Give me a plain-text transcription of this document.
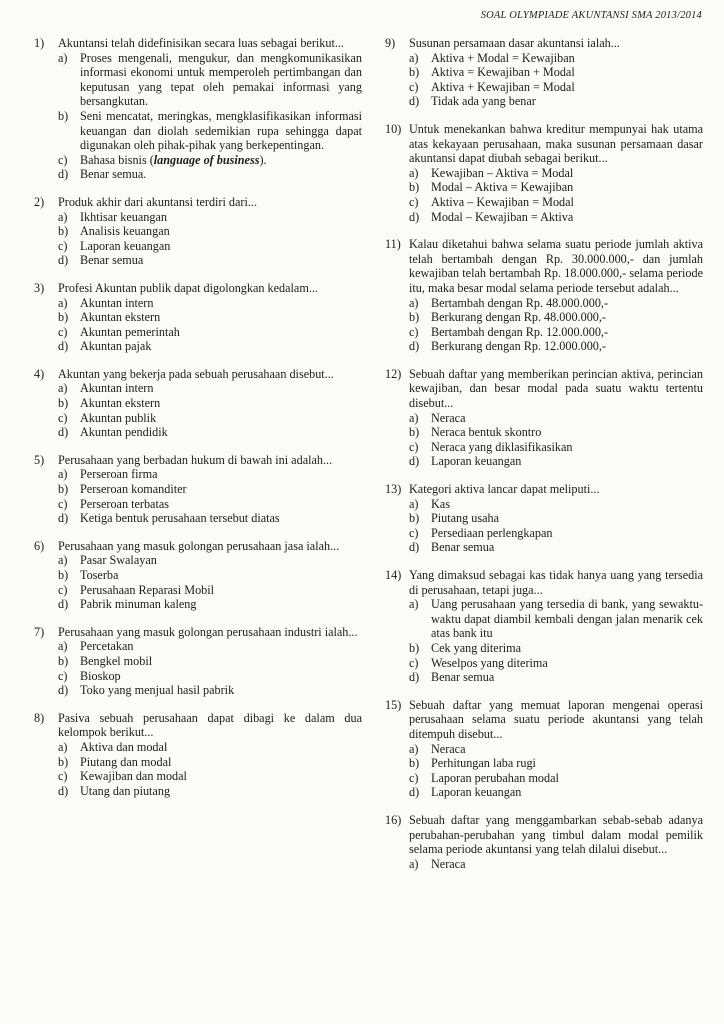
SOAL OLYMPIADE AKUNTANSI SMA 2013/2014
1)	Akuntansi telah didefinisikan secara luas sebagai berikut...
a)	Proses mengenali, mengukur, dan mengkomunikasikan informasi ekonomi untuk memperoleh pertimbangan dan keputusan yang tepat oleh pemakai informasi yang bersangkutan.
b) Seni mencatat, meringkas, mengklasifikasikan informasi keuangan dan diolah sedemikian rupa sehingga dapat digunakan oleh pihak-pihak yang berkepentingan.
c)	Bahasa bisnis (language of business).
d) Benar semua.
2)	Produk akhir dari akuntansi terdiri dari...
a)	Ikhtisar keuangan
b) Analisis keuangan
c)	Laporan keuangan
d) Benar semua
3)	Profesi Akuntan publik dapat digolongkan kedalam...
a)	Akuntan intern
b) Akuntan ekstern
c)	Akuntan pemerintah
d) Akuntan pajak
4)	Akuntan yang bekerja pada sebuah perusahaan disebut...
a)	Akuntan intern
b) Akuntan ekstern
c)	Akuntan publik
d) Akuntan pendidik
5)	Perusahaan yang berbadan hukum di bawah ini adalah...
a)	Perseroan firma
b) Perseroan komanditer
c)	Perseroan terbatas
d) Ketiga bentuk perusahaan tersebut diatas
6)	Perusahaan yang masuk golongan perusahaan jasa ialah...
a)	Pasar Swalayan
b) Toserba
c)	Perusahaan Reparasi Mobil
d) Pabrik minuman kaleng
7)	Perusahaan yang masuk golongan perusahaan industri ialah...
a)	Percetakan
b) Bengkel mobil
c)	Bioskop
d) Toko yang menjual hasil pabrik
8)	Pasiva sebuah perusahaan dapat dibagi ke dalam dua kelompok berikut...
a)	Aktiva dan modal
b) Piutang dan modal
c)	Kewajiban dan modal
d) Utang dan piutang
9)	Susunan persamaan dasar akuntansi ialah...
a)	Aktiva + Modal = Kewajiban
b) Aktiva = Kewajiban + Modal
c)	Aktiva + Kewajiban = Modal
d) Tidak ada yang benar
10) Untuk menekankan bahwa kreditur mempunyai hak utama atas kekayaan perusahaan, maka susunan persamaan dasar akuntansi dapat diubah sebagai berikut...
a)	Kewajiban – Aktiva = Modal
b) Modal – Aktiva = Kewajiban
c)	Aktiva – Kewajiban = Modal
d) Modal – Kewajiban = Aktiva
11) Kalau diketahui bahwa selama suatu periode jumlah aktiva telah bertambah dengan Rp. 30.000.000,- dan jumlah kewajiban telah bertambah Rp. 18.000.000,- selama periode itu, maka besar modal selama periode tersebut adalah...
a)	Bertambah dengan Rp. 48.000.000,-
b) Berkurang dengan Rp. 48.000.000,-
c)	Bertambah dengan Rp. 12.000.000,-
d) Berkurang dengan Rp. 12.000.000,-
12) Sebuah daftar yang memberikan perincian aktiva, perincian kewajiban, dan besar modal pada suatu waktu tertentu disebut...
a)	Neraca
b) Neraca bentuk skontro
c)	Neraca yang diklasifikasikan
d) Laporan keuangan
13) Kategori aktiva lancar dapat meliputi...
a)	Kas
b) Piutang usaha
c)	Persediaan perlengkapan
d) Benar semua
14) Yang dimaksud sebagai kas tidak hanya uang yang tersedia di perusahaan, tetapi juga...
a)	Uang perusahaan yang tersedia di bank, yang sewaktu-waktu dapat diambil kembali dengan jalan menarik cek atas bank itu
b) Cek yang diterima
c)	Weselpos yang diterima
d) Benar semua
15) Sebuah daftar yang memuat laporan mengenai operasi perusahaan selama suatu periode akuntansi yang telah ditempuh disebut...
a)	Neraca
b) Perhitungan laba rugi
c)	Laporan perubahan modal
d) Laporan keuangan
16) Sebuah daftar yang menggambarkan sebab-sebab adanya perubahan-perubahan yang timbul dalam modal pemilik selama periode akuntansi yang telah dilalui disebut...
a)	Neraca
